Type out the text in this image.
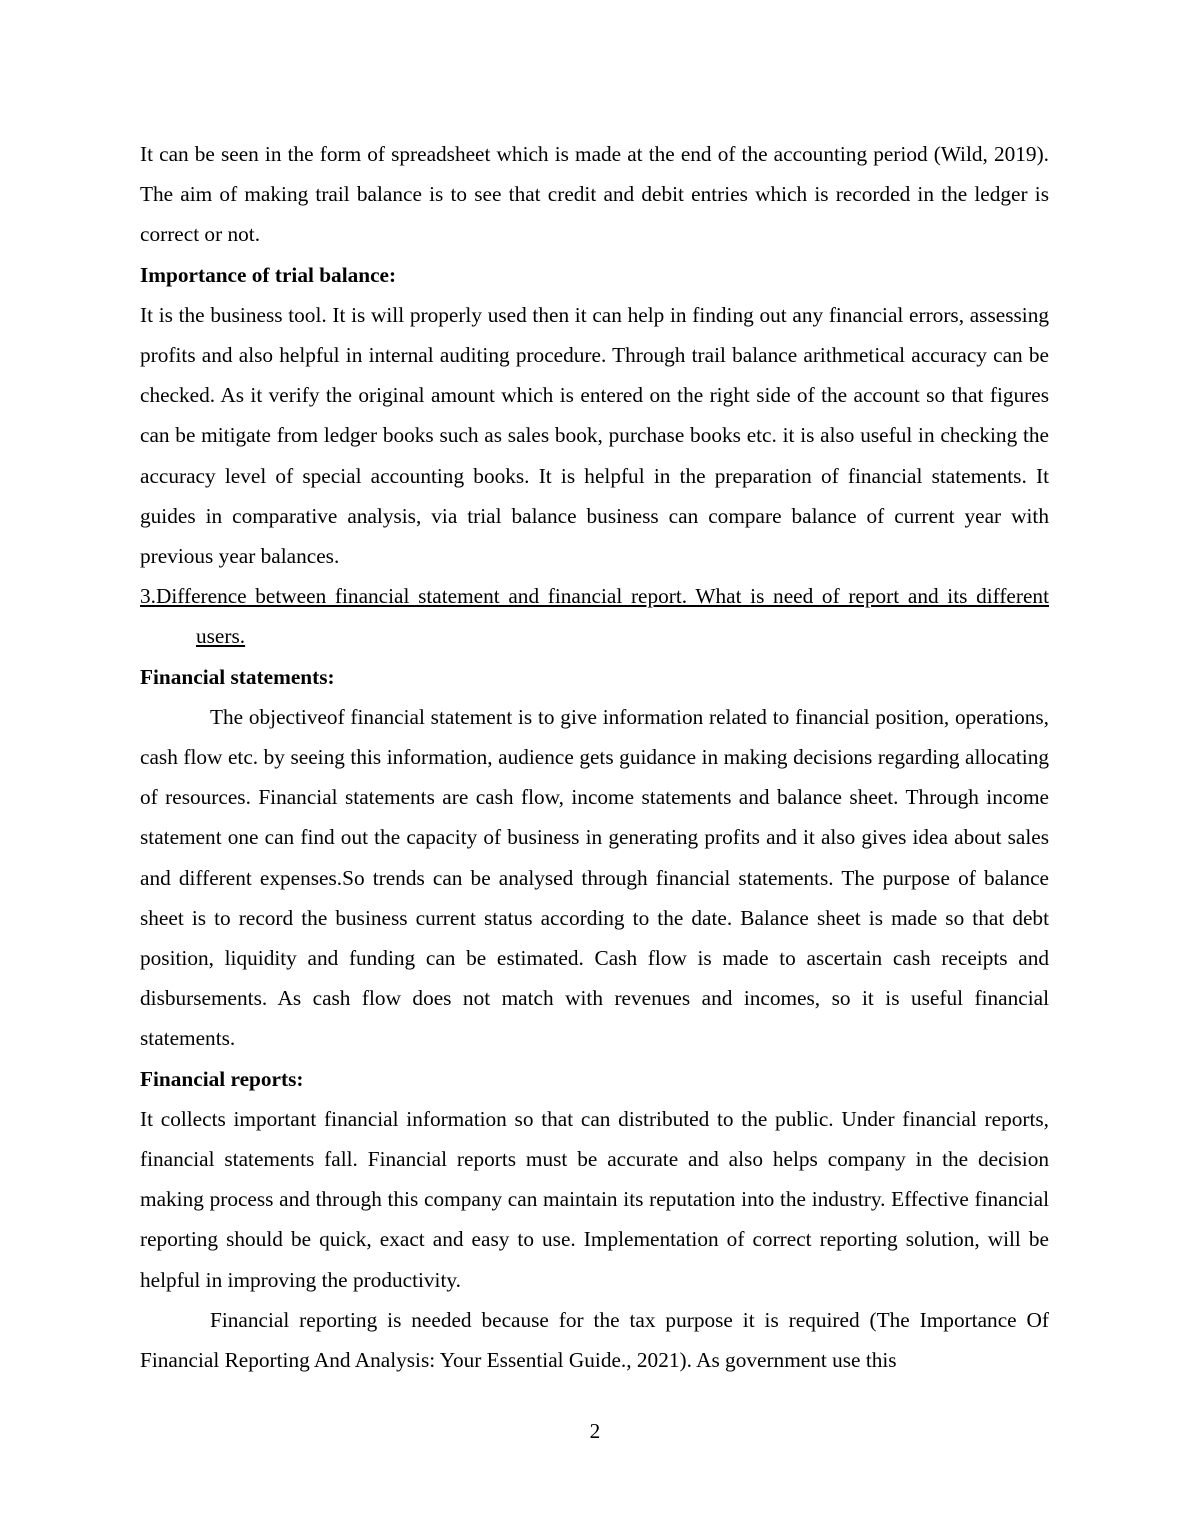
It can be seen in the form of spreadsheet which is made at the end of the accounting period (Wild, 2019). The aim of making trail balance is to see that credit and debit entries which is recorded in the ledger is correct or not.

Importance of trial balance:

It is the business tool. It is will properly used then it can help in finding out any financial errors, assessing profits and also helpful in internal auditing procedure. Through trail balance arithmetical accuracy can be checked. As it verify the original amount which is entered on the right side of the account so that figures can be mitigate from ledger books such as sales book, purchase books etc. it is also useful in checking the accuracy level of special accounting books. It is helpful in the preparation of financial statements. It guides in comparative analysis, via trial balance business can compare balance of current year with previous year balances.

3.Difference between financial statement and financial report. What is need of report and its different users.

Financial statements:

The objectiveof financial statement is to give information related to financial position, operations, cash flow etc. by seeing this information, audience gets guidance in making decisions regarding allocating of resources. Financial statements are cash flow, income statements and balance sheet. Through income statement one can find out the capacity of business in generating profits and it also gives idea about sales and different expenses.So trends can be analysed through financial statements. The purpose of balance sheet is to record the business current status according to the date. Balance sheet is made so that debt position, liquidity and funding can be estimated. Cash flow is made to ascertain cash receipts and disbursements. As cash flow does not match with revenues and incomes, so it is useful financial statements.

Financial reports:

It collects important financial information so that can distributed to the public. Under financial reports, financial statements fall. Financial reports must be accurate and also helps company in the decision making process and through this company can maintain its reputation into the industry. Effective financial reporting should be quick, exact and easy to use. Implementation of correct reporting solution, will be helpful in improving the productivity.

Financial reporting is needed because for the tax purpose it is required (The Importance Of Financial Reporting And Analysis: Your Essential Guide., 2021). As government use this

2
